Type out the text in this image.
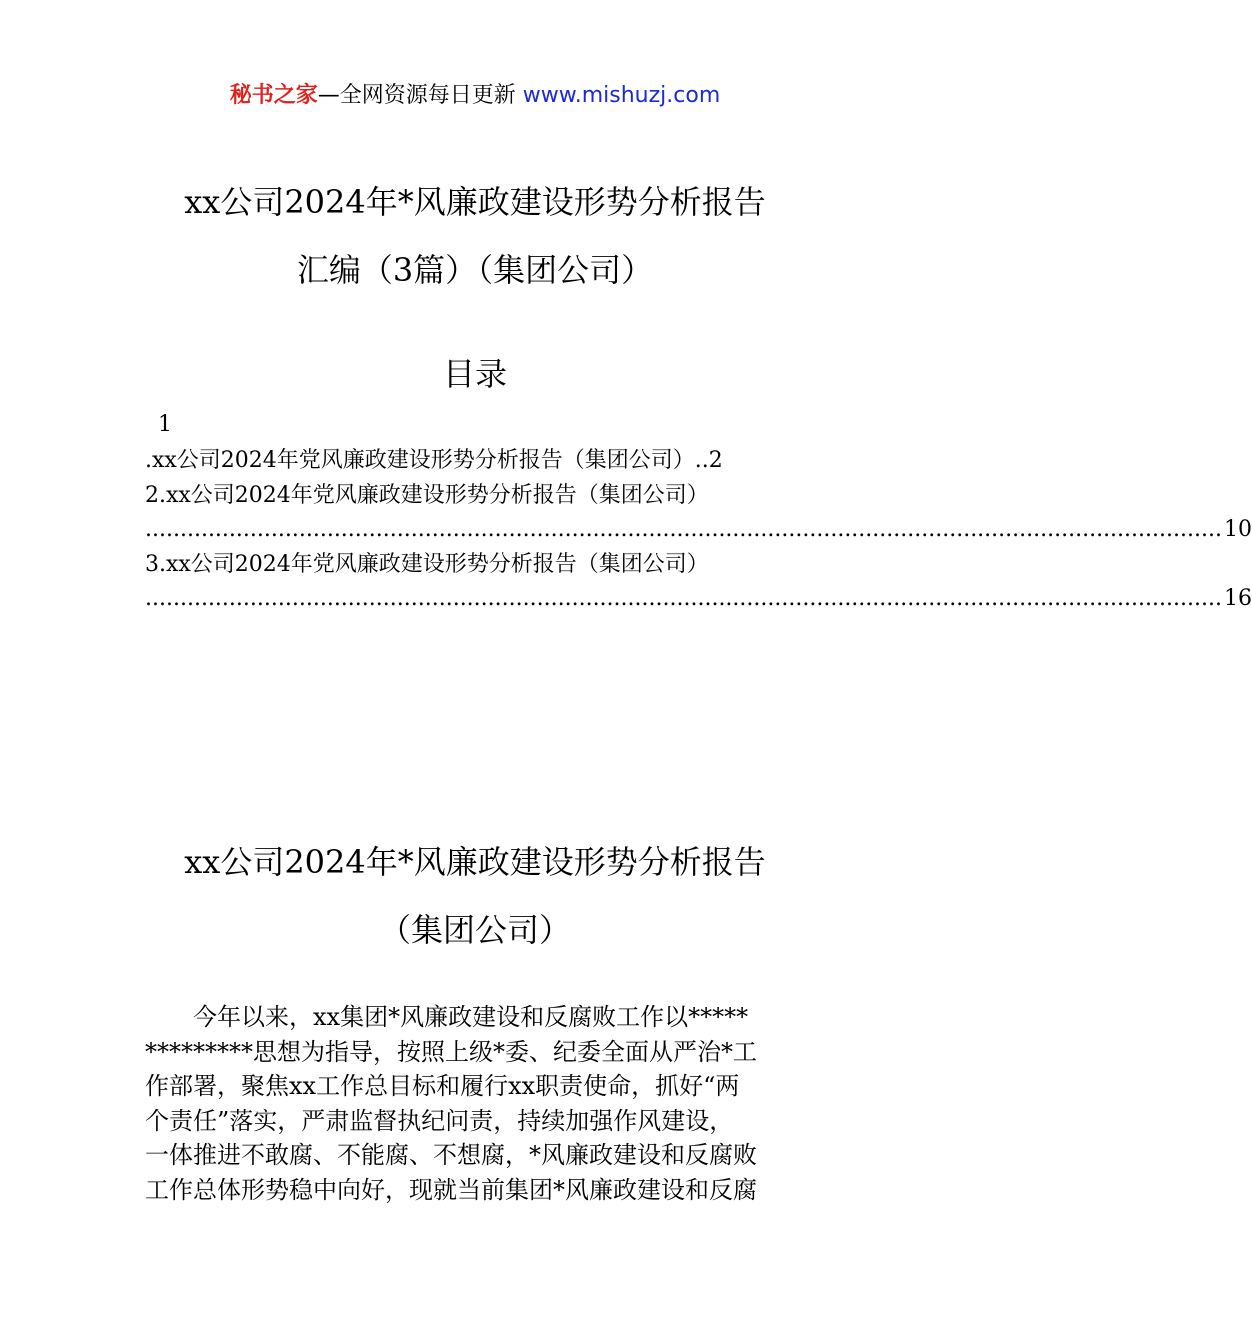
秘书之家—全网资源每日更新 www.mishuzj.com
xx公司2024年*风廉政建设形势分析报告
汇编（3篇）（集团公司）
目录
1
.xx公司2024年党风廉政建设形势分析报告（集团公司）..2
2.xx公司2024年党风廉政建设形势分析报告（集团公司）
.......................................................................................................................................................... 10
3.xx公司2024年党风廉政建设形势分析报告（集团公司）
.......................................................................................................................................................... 16
xx公司2024年*风廉政建设形势分析报告
（集团公司）
　　今年以来，xx集团*风廉政建设和反腐败工作以*****
*********思想为指导，按照上级*委、纪委全面从严治*工
作部署，聚焦xx工作总目标和履行xx职责使命，抓好“两
个责任”落实，严肃监督执纪问责，持续加强作风建设，
一体推进不敢腐、不能腐、不想腐，*风廉政建设和反腐败
工作总体形势稳中向好，现就当前集团*风廉政建设和反腐
